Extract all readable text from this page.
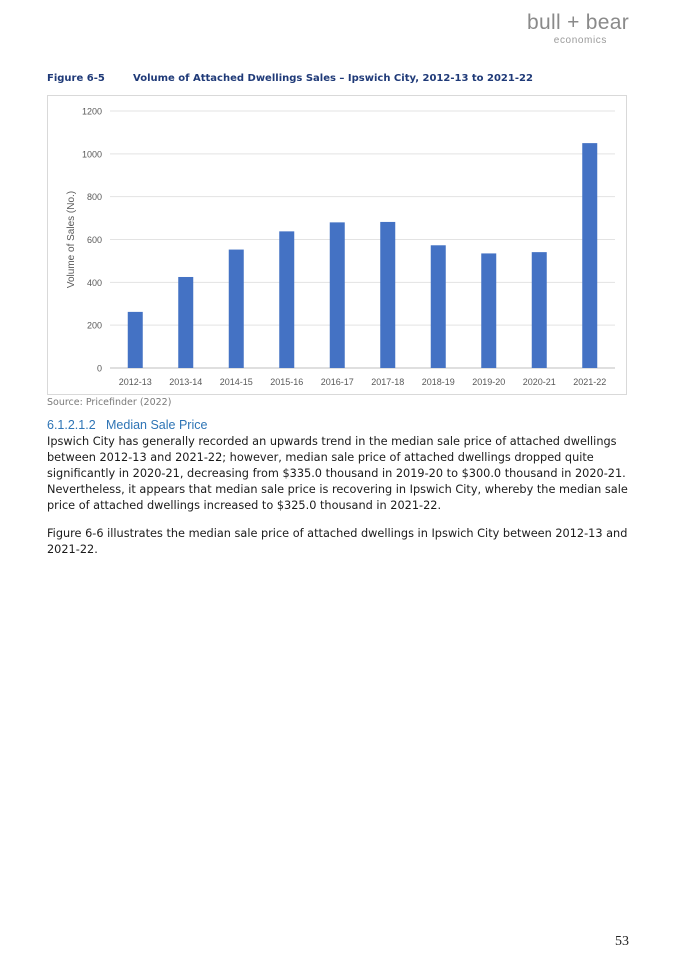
bull + bear
economics
Figure 6-5	Volume of Attached Dwellings Sales – Ipswich City, 2012-13 to 2021-22
0
200
400
600
800
1000
1200
2012-13 2013-14 2014-15 2015-16 2016-17 2017-18 2018-19 2019-20 2020-21 2021-22
Volume of Sales (No.)
Source: Pricefinder (2022)
6.1.2.1.2 Median Sale Price

Ipswich City has generally recorded an upwards trend in the median sale price of attached dwellings between 2012-13 and 2021-22; however, median sale price of attached dwellings dropped quite significantly in 2020-21, decreasing from $335.0 thousand in 2019-20 to $300.0 thousand in 2020-21. Nevertheless, it appears that median sale price is recovering in Ipswich City, whereby the median sale price of attached dwellings increased to $325.0 thousand in 2021-22.

Figure 6-6 illustrates the median sale price of attached dwellings in Ipswich City between 2012-13 and 2021-22.

53
